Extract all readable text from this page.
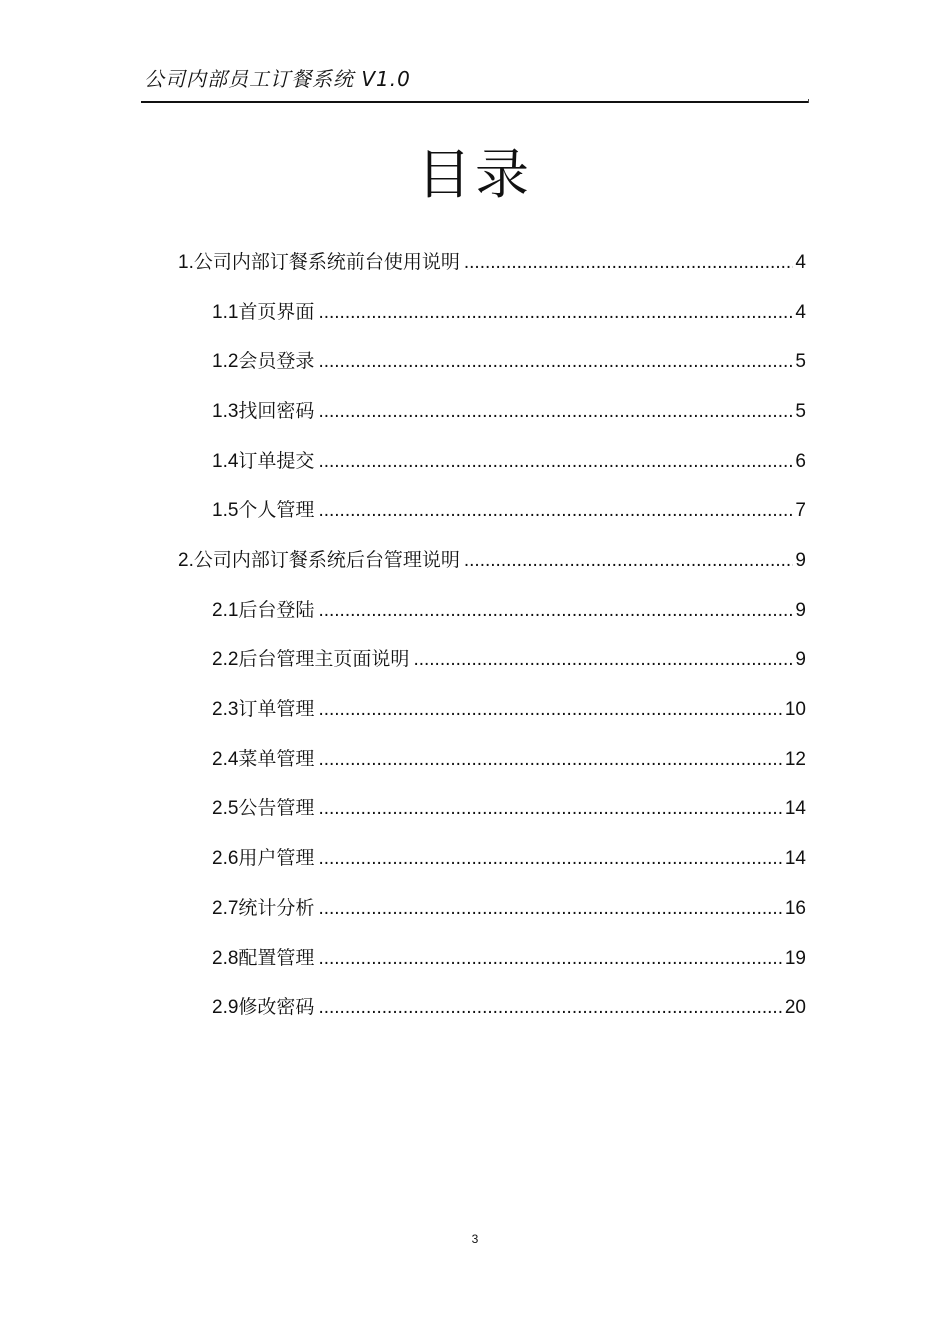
公司内部员工订餐系统 V1.0
目录
1. 公司内部订餐系统前台使用说明 .....	4
1.1 首页界面 .....	4
1.2 会员登录 .....	5
1.3 找回密码 .....	5
1.4 订单提交 .....	6
1.5 个人管理 .....	7
2. 公司内部订餐系统后台管理说明 .....	9
2.1 后台登陆 .....	9
2.2 后台管理主页面说明 .....	9
2.3 订单管理 .....	10
2.4 菜单管理 .....	12
2.5 公告管理 .....	14
2.6 用户管理 .....	14
2.7 统计分析 .....	16
2.8 配置管理 .....	19
2.9 修改密码 .....	20
3
